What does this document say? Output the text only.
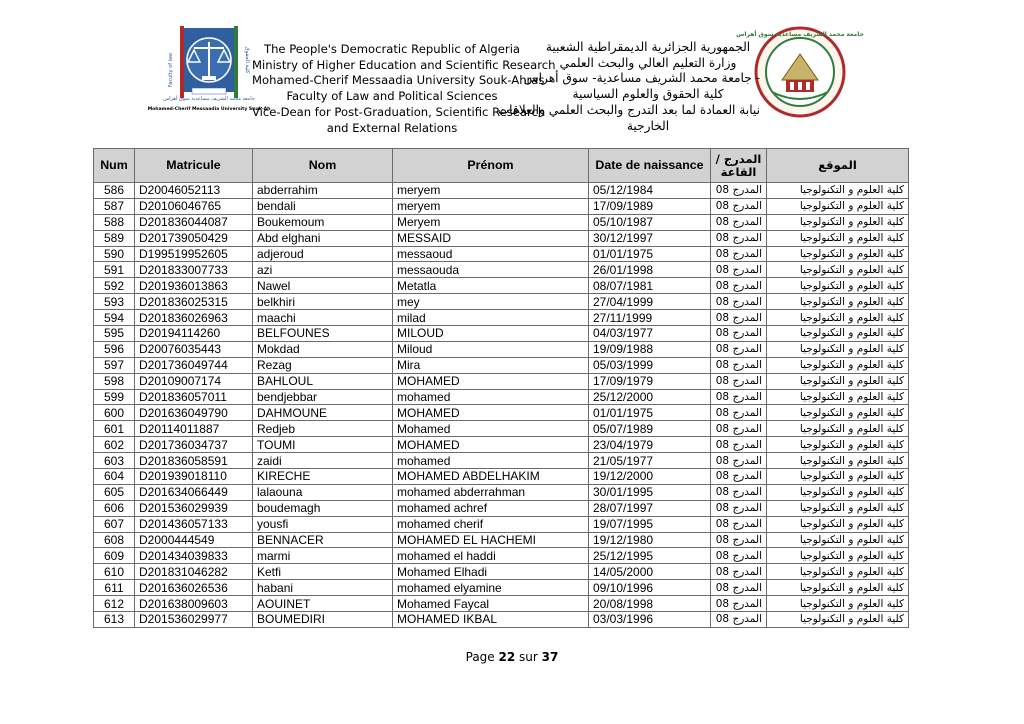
جامعة محمد الشريف مساعدية سوق أهراس
Mohamed-Cherif Messaadia University Souk-Ah
Faculty of law	كلية الحقوق
جامعة محمد الشريف مساعدية سوق أهراس
The People's Democratic Republic of Algeria
Ministry of Higher Education and Scientific Research
Mohamed-Cherif Messaadia University Souk-Ahras
Faculty of Law and Political Sciences
Vice-Dean for Post-Graduation, Scientific Research
and External Relations
الجمهورية الجزائرية الديمقراطية الشعبية
وزارة التعليم العالي والبحث العلمي
- جامعة محمد الشريف مساعدية- سوق أهراس
كلية الحقوق والعلوم السياسية
نيابة العمادة لما بعد التدرج والبحث العلمي والعلاقات
الخارجية
Num	Matricule	Nom	Prénom	Date de naissance	المدرج / القاعة	الموقع
586	D20046052113	abderrahim	meryem	05/12/1984	المدرج 08	كلية العلوم و التكنولوجيا
587	D20106046765	bendali	meryem	17/09/1989	المدرج 08	كلية العلوم و التكنولوجيا
588	D201836044087	Boukemoum	Meryem	05/10/1987	المدرج 08	كلية العلوم و التكنولوجيا
589	D201739050429	Abd elghani	MESSAID	30/12/1997	المدرج 08	كلية العلوم و التكنولوجيا
590	D199519952605	adjeroud	messaoud	01/01/1975	المدرج 08	كلية العلوم و التكنولوجيا
591	D201833007733	azi	messaouda	26/01/1998	المدرج 08	كلية العلوم و التكنولوجيا
592	D201936013863	Nawel	Metatla	08/07/1981	المدرج 08	كلية العلوم و التكنولوجيا
593	D201836025315	belkhiri	mey	27/04/1999	المدرج 08	كلية العلوم و التكنولوجيا
594	D201836026963	maachi	milad	27/11/1999	المدرج 08	كلية العلوم و التكنولوجيا
595	D20194114260	BELFOUNES	MILOUD	04/03/1977	المدرج 08	كلية العلوم و التكنولوجيا
596	D20076035443	Mokdad	Miloud	19/09/1988	المدرج 08	كلية العلوم و التكنولوجيا
597	D201736049744	Rezag	Mira	05/03/1999	المدرج 08	كلية العلوم و التكنولوجيا
598	D20109007174	BAHLOUL	MOHAMED	17/09/1979	المدرج 08	كلية العلوم و التكنولوجيا
599	D201836057011	bendjebbar	mohamed	25/12/2000	المدرج 08	كلية العلوم و التكنولوجيا
600	D201636049790	DAHMOUNE	MOHAMED	01/01/1975	المدرج 08	كلية العلوم و التكنولوجيا
601	D20114011887	Redjeb	Mohamed	05/07/1989	المدرج 08	كلية العلوم و التكنولوجيا
602	D201736034737	TOUMI	MOHAMED	23/04/1979	المدرج 08	كلية العلوم و التكنولوجيا
603	D201836058591	zaidi	mohamed	21/05/1977	المدرج 08	كلية العلوم و التكنولوجيا
604	D201939018110	KIRECHE	MOHAMED ABDELHAKIM	19/12/2000	المدرج 08	كلية العلوم و التكنولوجيا
605	D201634066449	lalaouna	mohamed abderrahman	30/01/1995	المدرج 08	كلية العلوم و التكنولوجيا
606	D201536029939	boudemagh	mohamed achref	28/07/1997	المدرج 08	كلية العلوم و التكنولوجيا
607	D201436057133	yousfi	mohamed cherif	19/07/1995	المدرج 08	كلية العلوم و التكنولوجيا
608	D2000444549	BENNACER	MOHAMED EL HACHEMI	19/12/1980	المدرج 08	كلية العلوم و التكنولوجيا
609	D201434039833	marmi	mohamed el haddi	25/12/1995	المدرج 08	كلية العلوم و التكنولوجيا
610	D201831046282	Ketfi	Mohamed Elhadi	14/05/2000	المدرج 08	كلية العلوم و التكنولوجيا
611	D201636026536	habani	mohamed elyamine	09/10/1996	المدرج 08	كلية العلوم و التكنولوجيا
612	D201638009603	AOUINET	Mohamed Faycal	20/08/1998	المدرج 08	كلية العلوم و التكنولوجيا
613	D201536029977	BOUMEDIRI	MOHAMED IKBAL	03/03/1996	المدرج 08	كلية العلوم و التكنولوجيا
Page 22 sur 37
